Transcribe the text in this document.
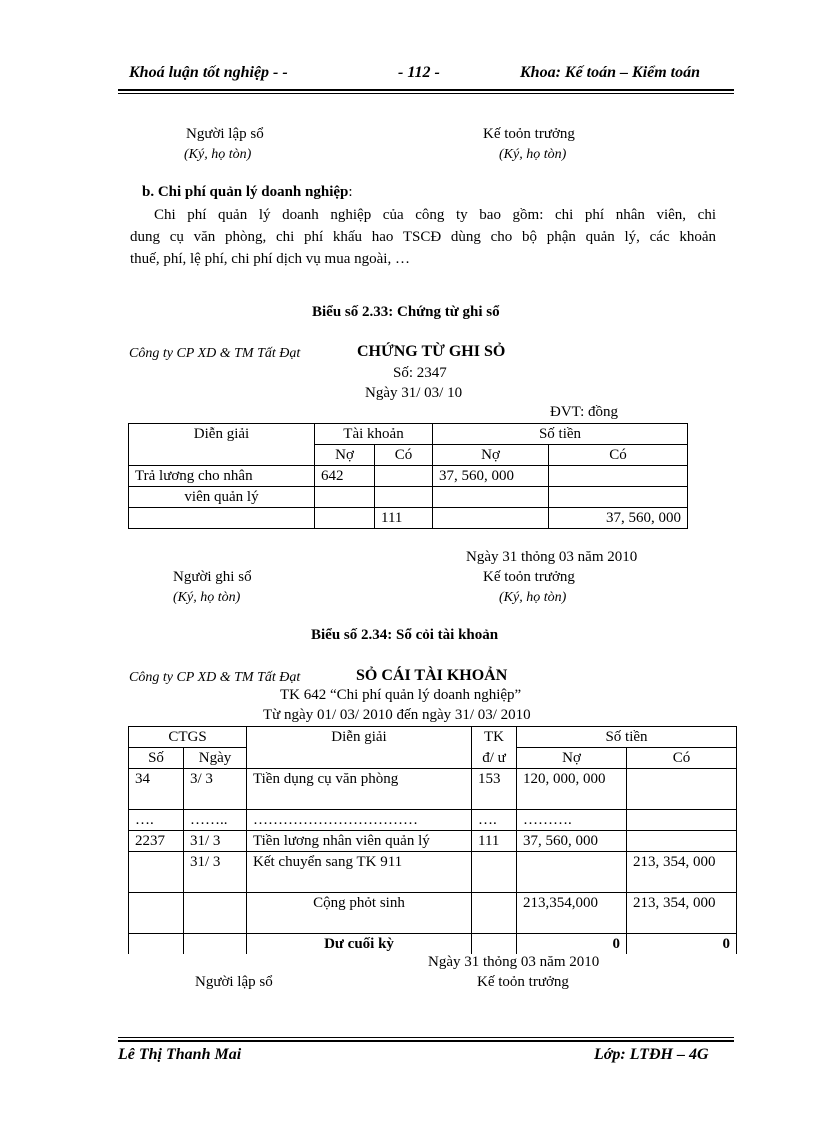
Khoá luận tốt nghiệp - -	- 112 -	Khoa: Kế toán – Kiểm toán
Người lập sổ
(Ký, họ tòn)
Kế toỏn trưởng
(Ký, họ tòn)
b. Chi phí quản lý doanh nghiệp:
Chi phí quản lý doanh nghiệp của công ty bao gồm: chi phí nhân viên, chi
dung cụ văn phòng, chi phí khấu hao TSCĐ dùng cho bộ phận quản lý, các khoản
thuế, phí, lệ phí, chi phí dịch vụ mua ngoài, …
Biểu số 2.33: Chứng từ ghi sổ
Công ty CP XD & TM Tất Đạt	CHỨNG TỪ GHI SỎ
Số: 2347
Ngày 31/ 03/ 10
ĐVT: đồng
Diễn giải	Tài khoản		Số tiền	
	Nợ	Có	Nợ	Có
Trả lương cho nhân	642		37, 560, 000	
viên quản lý				
		111		37, 560, 000
Ngày 31 thỏng 03 năm 2010
Người ghi sổ
(Ký, họ tòn)
Kế toỏn trưởng
(Ký, họ tòn)
Biểu số 2.34: Sổ cỏi tài khoản
Công ty CP XD & TM Tất Đạt	SỎ CÁI TÀI KHOẢN
TK 642 “Chi phí quản lý doanh nghiệp”
Từ ngày 01/ 03/ 2010 đến ngày 31/ 03/ 2010
CTGS		Diễn giải	TK	Số tiền	
Số	Ngày		đ/ ư	Nợ	Có
34	3/ 3	Tiền dụng cụ văn phòng	153	120, 000, 000	
….	……..	……………………………	….	……….	
2237	31/ 3	Tiền lương nhân viên quản lý	111	37, 560, 000	
	31/ 3	Kết chuyển sang TK 911			213, 354, 000
		Cộng phỏt sinh		213,354,000	213, 354, 000
		Dư cuối kỳ		0	0
Ngày 31 thỏng 03 năm 2010
Người lập sổ	Kế toỏn trưởng
Lê Thị Thanh Mai	Lớp: LTĐH – 4G
